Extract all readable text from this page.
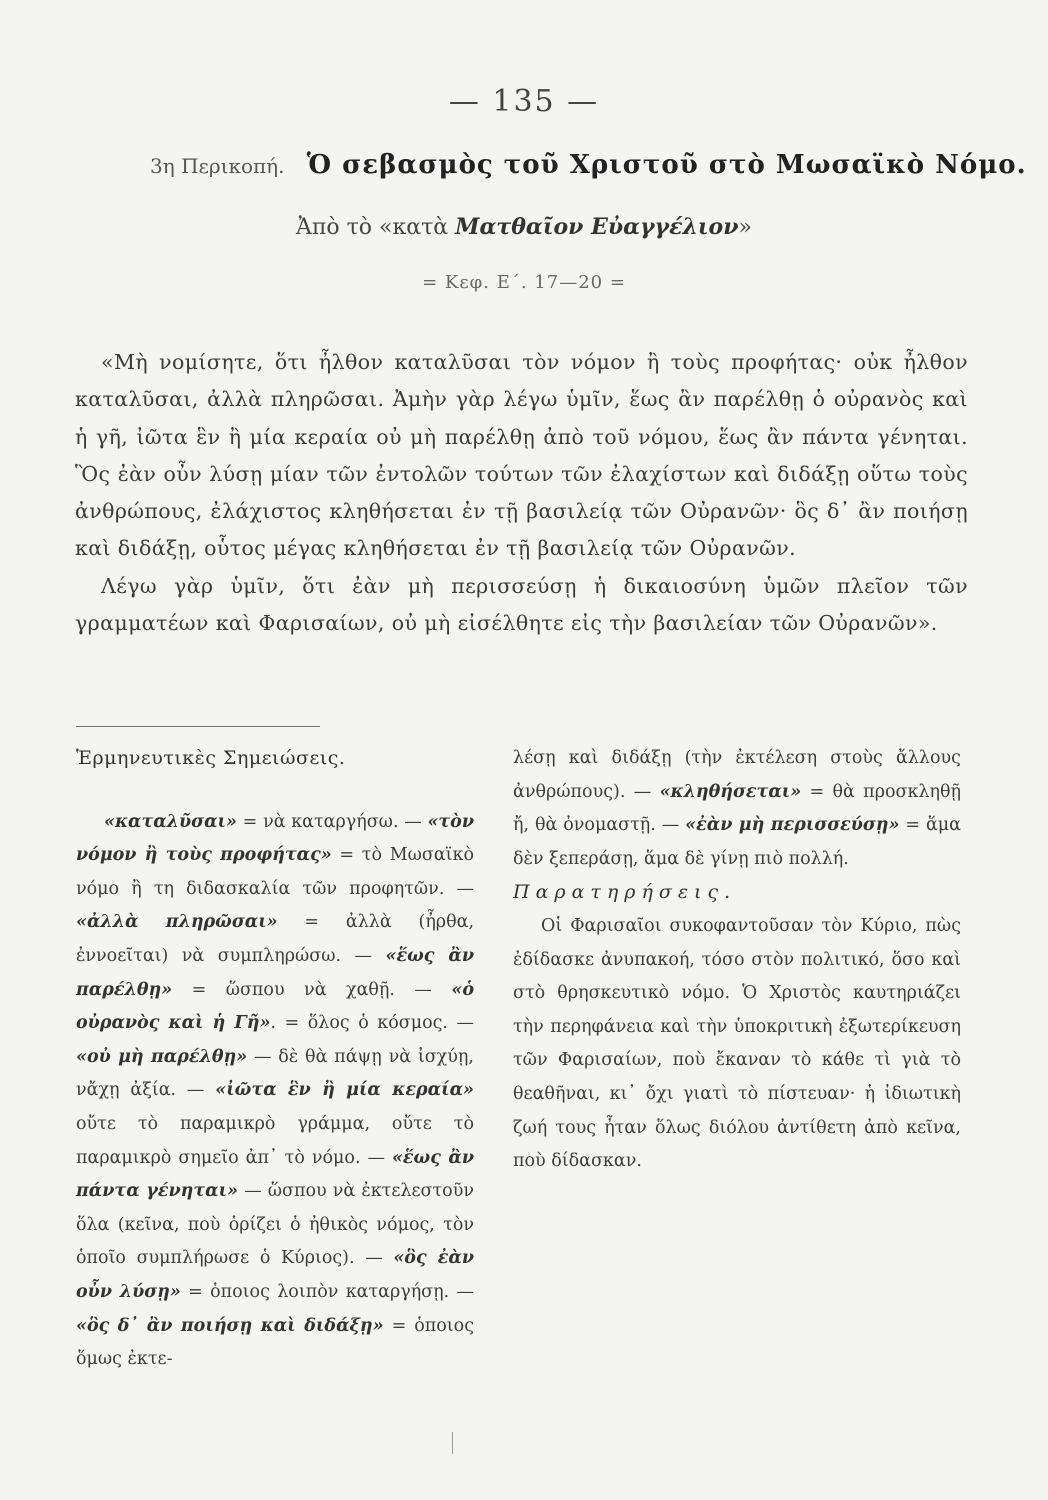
— 135 —
3η Περικοπή. Ὁ σεβασμὸς τοῦ Χριστοῦ στὸ Μωσαϊκὸ Νόμο.
Ἀπὸ τὸ «κατὰ Ματθαῖον Εὐαγγέλιον»
= Κεφ. Ε΄. 17—20 =

«Μὴ νομίσητε, ὅτι ἦλθον καταλῦσαι τὸν νόμον ἢ τοὺς προφήτας· οὐκ ἦλθον καταλῦσαι, ἀλλὰ πληρῶσαι. Ἀμὴν γὰρ λέγω ὑμῖν, ἕως ἂν παρέλθῃ ὁ οὐρανὸς καὶ ἡ γῆ, ἰῶτα ἓν ἢ μία κεραία οὐ μὴ παρέλθῃ ἀπὸ τοῦ νόμου, ἕως ἂν πάντα γένηται. Ὃς ἐὰν οὖν λύσῃ μίαν τῶν ἐντολῶν τούτων τῶν ἐλαχίστων καὶ διδάξῃ οὕτω τοὺς ἀνθρώπους, ἐλάχιστος κληθήσεται ἐν τῇ βασιλείᾳ τῶν Οὐρανῶν· ὃς δ᾽ ἂν ποιήσῃ καὶ διδάξῃ, οὗτος μέγας κληθήσεται ἐν τῇ βασιλείᾳ τῶν Οὐρανῶν.

Λέγω γὰρ ὑμῖν, ὅτι ἐὰν μὴ περισσεύσῃ ἡ δικαιοσύνη ὑμῶν πλεῖον τῶν γραμματέων καὶ Φαρισαίων, οὐ μὴ εἰσέλθητε εἰς τὴν βασιλείαν τῶν Οὐρανῶν».

Ἑρμηνευτικὲς Σημειώσεις.

«καταλῦσαι» = νὰ καταργήσω. — «τὸν νόμον ἢ τοὺς προφήτας» = τὸ Μωσαϊκὸ νόμο ἢ τη διδασκαλία τῶν προφητῶν. — «ἀλλὰ πληρῶσαι» = ἀλλὰ (ἦρθα, ἐννοεῖται) νὰ συμπληρώσω. — «ἕως ἂν παρέλθῃ» = ὥσπου νὰ χαθῇ. — «ὁ οὐρανὸς καὶ ἡ Γῆ». = ὅλος ὁ κόσμος. — «οὐ μὴ παρέλθῃ» — δὲ θὰ πάψῃ νὰ ἰσχύῃ, νἄχῃ ἀξία. — «ἰῶτα ἓν ἢ μία κεραία» οὔτε τὸ παραμικρὸ γράμμα, οὔτε τὸ παραμικρὸ σημεῖο ἀπ᾽ τὸ νόμο. — «ἕως ἂν πάντα γένηται» — ὥσπου νὰ ἐκτελεστοῦν ὅλα (κεῖνα, ποὺ ὁρίζει ὁ ἠθικὸς νόμος, τὸν ὁποῖο συμπλήρωσε ὁ Κύριος). — «ὃς ἐὰν οὖν λύσῃ» = ὁποιος λοιπὸν καταργήσῃ. — «ὃς δ᾽ ἂν ποιήσῃ καὶ διδάξῃ» = ὁποιος ὅμως ἐκτε-

λέσῃ καὶ διδάξῃ (τὴν ἐκτέλεση στοὺς ἄλλους ἀνθρώπους). — «κληθήσεται» = θὰ προσκληθῇ ἤ, θὰ ὀνομαστῇ. — «ἐὰν μὴ περισσεύσῃ» = ἅμα δὲν ξεπεράσῃ, ἅμα δὲ γίνῃ πιὸ πολλή.

Παρατηρήσεις.

Οἱ Φαρισαῖοι συκοφαντοῦσαν τὸν Κύριο, πὼς ἐδίδασκε ἀνυπακοή, τόσο στὸν πολιτικό, ὅσο καὶ στὸ θρησκευτικὸ νόμο. Ὁ Χριστὸς καυτηριάζει τὴν περηφάνεια καὶ τὴν ὑποκριτικὴ ἐξωτερίκευση τῶν Φαρισαίων, ποὺ ἔκαναν τὸ κάθε τὶ γιὰ τὸ θεαθῆναι, κι᾽ ὄχι γιατὶ τὸ πίστευαν· ἡ ἰδιωτικὴ ζωή τους ἦταν ὅλως διόλου ἀντίθετη ἀπὸ κεῖνα, ποὺ δίδασκαν.
